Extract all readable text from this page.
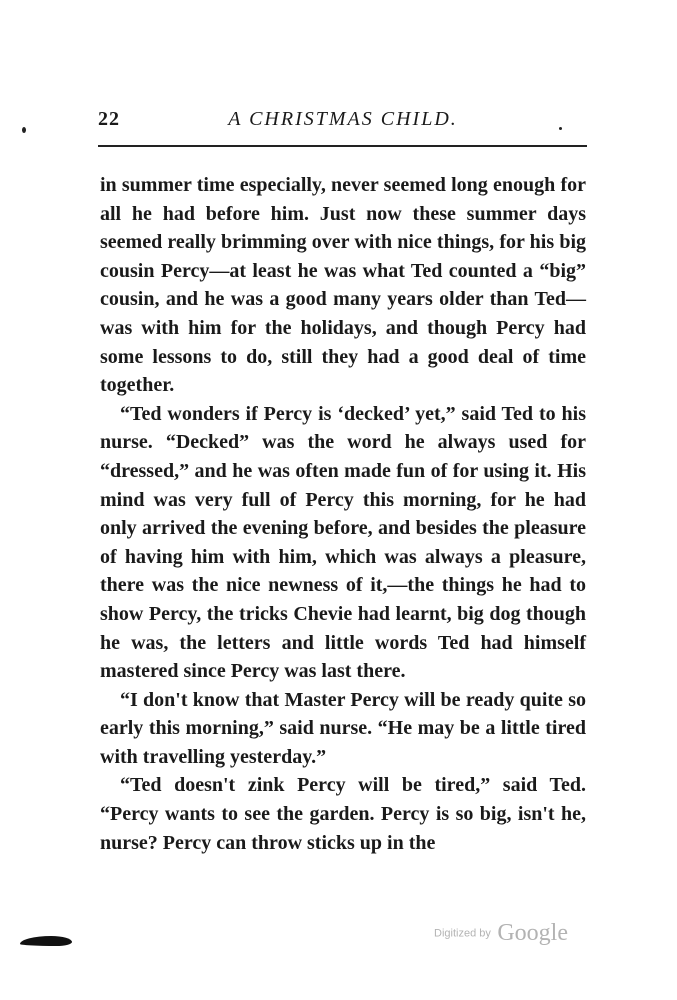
22	A CHRISTMAS CHILD.

in summer time especially, never seemed long enough for all he had before him. Just now these summer days seemed really brimming over with nice things, for his big cousin Percy—at least he was what Ted counted a “big” cousin, and he was a good many years older than Ted—was with him for the holidays, and though Percy had some lessons to do, still they had a good deal of time together.

“Ted wonders if Percy is ‘decked’ yet,” said Ted to his nurse. “Decked” was the word he always used for “dressed,” and he was often made fun of for using it. His mind was very full of Percy this morning, for he had only arrived the evening before, and besides the pleasure of having him with him, which was always a pleasure, there was the nice newness of it,—the things he had to show Percy, the tricks Chevie had learnt, big dog though he was, the letters and little words Ted had himself mastered since Percy was last there.

“I don't know that Master Percy will be ready quite so early this morning,” said nurse. “He may be a little tired with travelling yesterday.”

“Ted doesn't zink Percy will be tired,” said Ted. “Percy wants to see the garden. Percy is so big, isn't he, nurse? Percy can throw sticks up in the

Digitized by Google
